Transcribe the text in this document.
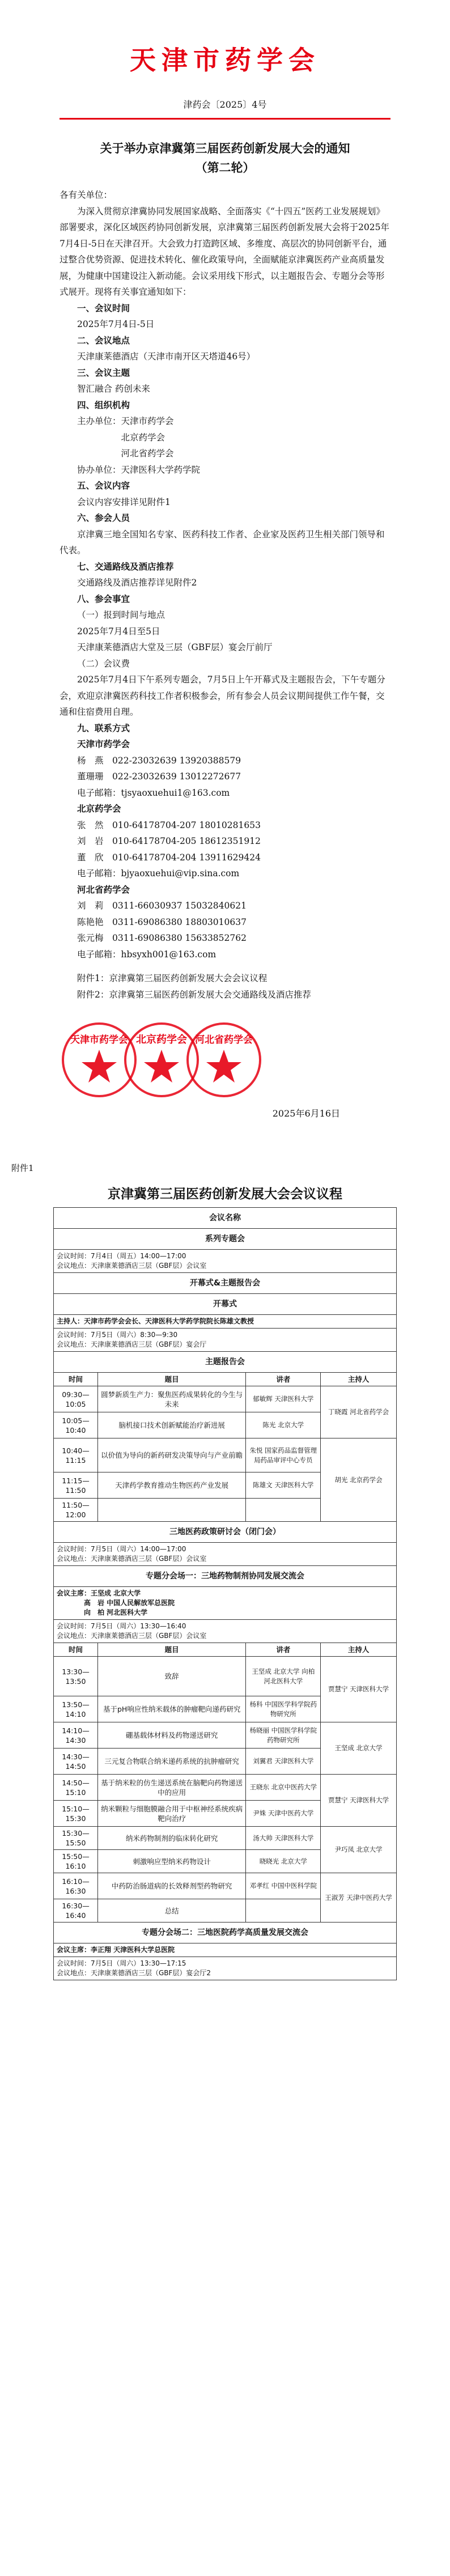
天津市药学会
津药会〔2025〕4号
关于举办京津冀第三届医药创新发展大会的通知
（第二轮）

各有关单位：

为深入贯彻京津冀协同发展国家战略、全面落实《“十四五”医药工业发展规划》部署要求，深化区域医药协同创新发展，京津冀第三届医药创新发展大会将于2025年7月4日-5日在天津召开。大会致力打造跨区域、多维度、高层次的协同创新平台，通过整合优势资源、促进技术转化、催化政策导向，全面赋能京津冀医药产业高质量发展，为健康中国建设注入新动能。会议采用线下形式，以主题报告会、专题分会等形式展开。现将有关事宜通知如下：

一、会议时间

2025年7月4日-5日

二、会议地点

天津康莱德酒店（天津市南开区天塔道46号）

三、会议主题

智汇融合 药创未来

四、组织机构

主办单位：天津市药学会

北京药学会

河北省药学会

协办单位：天津医科大学药学院

五、会议内容

会议内容安排详见附件1

六、参会人员

京津冀三地全国知名专家、医药科技工作者、企业家及医药卫生相关部门领导和代表。

七、交通路线及酒店推荐

交通路线及酒店推荐详见附件2

八、参会事宜

（一）报到时间与地点

2025年7月4日至5日

天津康莱德酒店大堂及三层（GBF层）宴会厅前厅

（二）会议费

2025年7月4日下午系列专题会，7月5日上午开幕式及主题报告会，下午专题分会，欢迎京津冀医药科技工作者积极参会，所有参会人员会议期间提供工作午餐，交通和住宿费用自理。

九、联系方式

天津市药学会

杨　燕　022-23032639 13920388579

董珊珊　022-23032639 13012272677

电子邮箱：tjsyaoxuehui1@163.com

北京药学会

张　然　010-64178704-207 18010281653

刘　岩　010-64178704-205 18612351912

董　欣　010-64178704-204 13911629424

电子邮箱：bjyaoxuehui@vip.sina.com

河北省药学会

刘　莉　0311-66030937 15032840621

陈艳艳　0311-69086380 18803010637

张元梅　0311-69086380 15633852762

电子邮箱：hbsyxh001@163.com

附件1：京津冀第三届医药创新发展大会会议议程

附件2：京津冀第三届医药创新发展大会交通路线及酒店推荐

天津市药学会 北京药学会 河北省药学会
2025年6月16日
附件1
京津冀第三届医药创新发展大会会议议程
会议名称			
系列专题会			

会议时间：7月4日（周五）14:00—17:00
会议地点：天津康莱德酒店三层（GBF层）会议室			

开幕式&主题报告会			
开幕式			
主持人：天津市药学会会长、天津医科大学药学院院长陈雄文教授			

会议时间：7月5日（周六）8:30—9:30
会议地点：天津康莱德酒店三层（GBF层）宴会厅			

主题报告会			
时间	题目	讲者	主持人
09:30—10:05	圆梦新质生产力：聚焦医药成果转化的今生与未来	郁敏辉 天津医科大学	丁晓霞 河北省药学会
10:05—10:40	脑机接口技术创新赋能治疗新进展	陈光 北京大学	
10:40—11:15	以价值为导向的新药研发决策导向与产业前瞻	朱悦 国家药品监督管理局药品审评中心专员	胡光 北京药学会
11:15—11:50	天津药学教育推动生物医药产业发展	陈雄文 天津医科大学	
11:50—12:00			
三地医药政策研讨会（闭门会）			

会议时间：7月5日（周六）14:00—17:00
会议地点：天津康莱德酒店三层（GBF层）会议室			

专题分会场一：三地药物制剂协同发展交流会			

会议主席：王坚成 北京大学
高　岩 中国人民解放军总医院
向　柏 河北医科大学			

会议时间：7月5日（周六）13:30—16:40
会议地点：天津康莱德酒店三层（GBF层）会议室			

时间	题目	讲者	主持人
13:30—13:50	致辞	王坚成 北京大学 向柏 河北医科大学	贾慧宁 天津医科大学
13:50—14:10	基于pH响应性纳米载体的肿瘤靶向递药研究	杨科 中国医学科学院药物研究所	
14:10—14:30	硼基载体材料及药物递送研究	杨晓丽 中国医学科学院药物研究所	王坚成 北京大学
14:30—14:50	三元复合物联合纳米递药系统的抗肿瘤研究	刘翼君 天津医科大学	
14:50—15:10	基于纳米粒的仿生递送系统在脑靶向药物递送中的应用	王晓东 北京中医药大学	贾慧宁 天津医科大学
15:10—15:30	纳米颗粒与细胞膜融合用于中枢神经系统疾病靶向治疗	尹姝 天津中医药大学	
15:30—15:50	纳米药物制剂的临床转化研究	汤大帅 天津医科大学	尹巧凤 北京大学
15:50—16:10	刺激响应型纳米药物设计	晓晓光 北京大学	
16:10—16:30	中药防治肠道病的长效释剂型药物研究	邓孝红 中国中医科学院	王淑芳 天津中医药大学
16:30—16:40	总结		
专题分会场二：三地医院药学高质量发展交流会			
会议主席：李正翔 天津医科大学总医院			

会议时间：7月5日（周六）13:30—17:15
会议地点：天津康莱德酒店三层（GBF层）宴会厅2			
